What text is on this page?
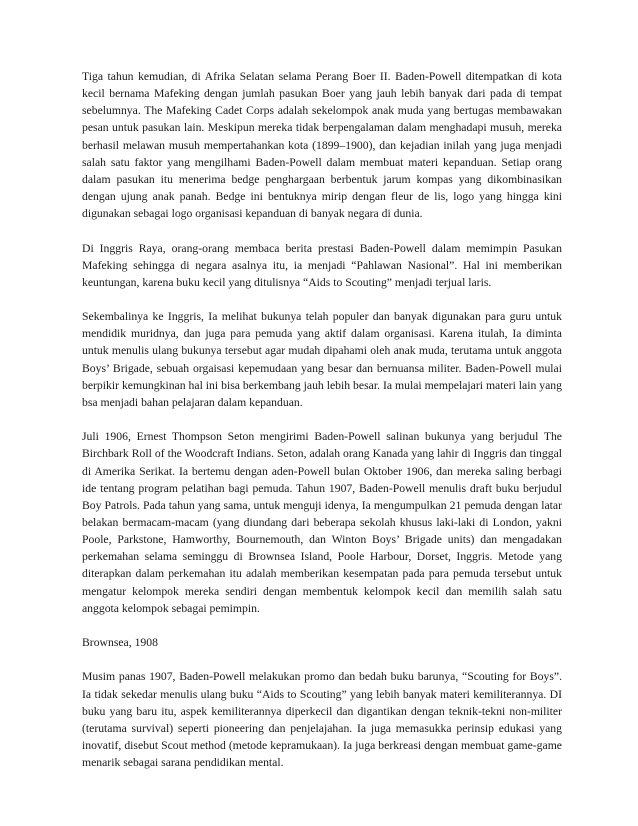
Tiga tahun kemudian, di Afrika Selatan selama Perang Boer II. Baden-Powell ditempatkan di kota kecil bernama Mafeking dengan jumlah pasukan Boer yang jauh lebih banyak dari pada di tempat sebelumnya. The Mafeking Cadet Corps adalah sekelompok anak muda yang bertugas membawakan pesan untuk pasukan lain. Meskipun mereka tidak berpengalaman dalam menghadapi musuh, mereka berhasil melawan musuh mempertahankan kota (1899–1900), dan kejadian inilah yang juga menjadi salah satu faktor yang mengilhami Baden-Powell dalam membuat materi kepanduan. Setiap orang dalam pasukan itu menerima bedge penghargaan berbentuk jarum kompas yang dikombinasikan dengan ujung anak panah. Bedge ini bentuknya mirip dengan fleur de lis, logo yang hingga kini digunakan sebagai logo organisasi kepanduan di banyak negara di dunia.

Di Inggris Raya, orang-orang membaca berita prestasi Baden-Powell dalam memimpin Pasukan Mafeking sehingga di negara asalnya itu, ia menjadi “Pahlawan Nasional”. Hal ini memberikan keuntungan, karena buku kecil yang ditulisnya “Aids to Scouting” menjadi terjual laris.

Sekembalinya ke Inggris, Ia melihat bukunya telah populer dan banyak digunakan para guru untuk mendidik muridnya, dan juga para pemuda yang aktif dalam organisasi. Karena itulah, Ia diminta untuk menulis ulang bukunya tersebut agar mudah dipahami oleh anak muda, terutama untuk anggota Boys’ Brigade, sebuah orgaisasi kepemudaan yang besar dan bernuansa militer. Baden-Powell mulai berpikir kemungkinan hal ini bisa berkembang jauh lebih besar. Ia mulai mempelajari materi lain yang bsa menjadi bahan pelajaran dalam kepanduan.

Juli 1906, Ernest Thompson Seton mengirimi Baden-Powell salinan bukunya yang berjudul The Birchbark Roll of the Woodcraft Indians. Seton, adalah orang Kanada yang lahir di Inggris dan tinggal di Amerika Serikat. Ia bertemu dengan aden-Powell bulan Oktober 1906, dan mereka saling berbagi ide tentang program pelatihan bagi pemuda. Tahun 1907, Baden-Powell menulis draft buku berjudul Boy Patrols. Pada tahun yang sama, untuk menguji idenya, Ia mengumpulkan 21 pemuda dengan latar belakan bermacam-macam (yang diundang dari beberapa sekolah khusus laki-laki di London, yakni Poole, Parkstone, Hamworthy, Bournemouth, dan Winton Boys’ Brigade units) dan mengadakan perkemahan selama seminggu di Brownsea Island, Poole Harbour, Dorset, Inggris. Metode yang diterapkan dalam perkemahan itu adalah memberikan kesempatan pada para pemuda tersebut untuk mengatur kelompok mereka sendiri dengan membentuk kelompok kecil dan memilih salah satu anggota kelompok sebagai pemimpin.

Brownsea, 1908

Musim panas 1907, Baden-Powell melakukan promo dan bedah buku barunya, “Scouting for Boys”. Ia tidak sekedar menulis ulang buku “Aids to Scouting” yang lebih banyak materi kemiliterannya. DI buku yang baru itu, aspek kemiliterannya diperkecil dan digantikan dengan teknik-tekni non-militer (terutama survival) seperti pioneering dan penjelajahan. Ia juga memasukka perinsip edukasi yang inovatif, disebut Scout method (metode kepramukaan). Ia juga berkreasi dengan membuat game-game menarik sebagai sarana pendidikan mental.
